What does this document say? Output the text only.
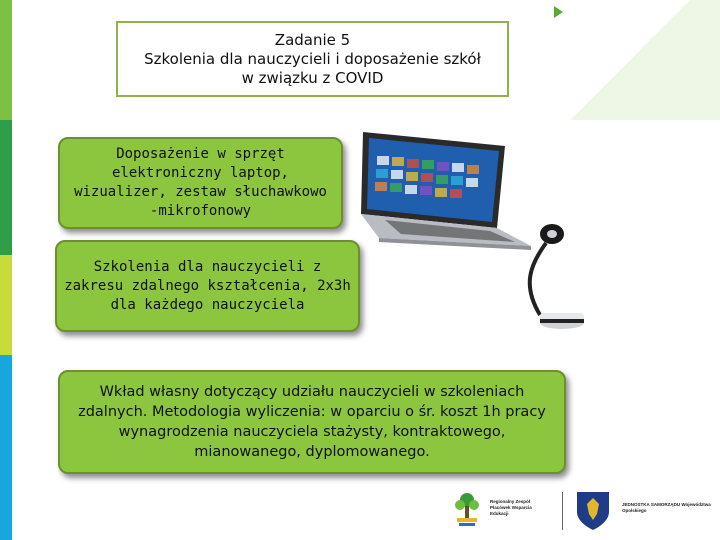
Zadanie 5
Szkolenia dla nauczycieli i doposażenie szkół
w związku z COVID
Doposażenie w sprzęt elektroniczny laptop, wizualizer, zestaw słuchawkowo -mikrofonowy
Szkolenia dla nauczycieli z zakresu zdalnego kształcenia, 2x3h dla każdego nauczyciela
Wkład własny dotyczący udziału nauczycieli w szkoleniach zdalnych. Metodologia wyliczenia: w oparciu o śr. koszt 1h pracy wynagrodzenia nauczyciela stażysty, kontraktowego, mianowanego, dyplomowanego.
Regionalny Zespół Placówek Wsparcia Edukacji
JEDNOSTKA SAMORZĄDU Województwa Opolskiego
